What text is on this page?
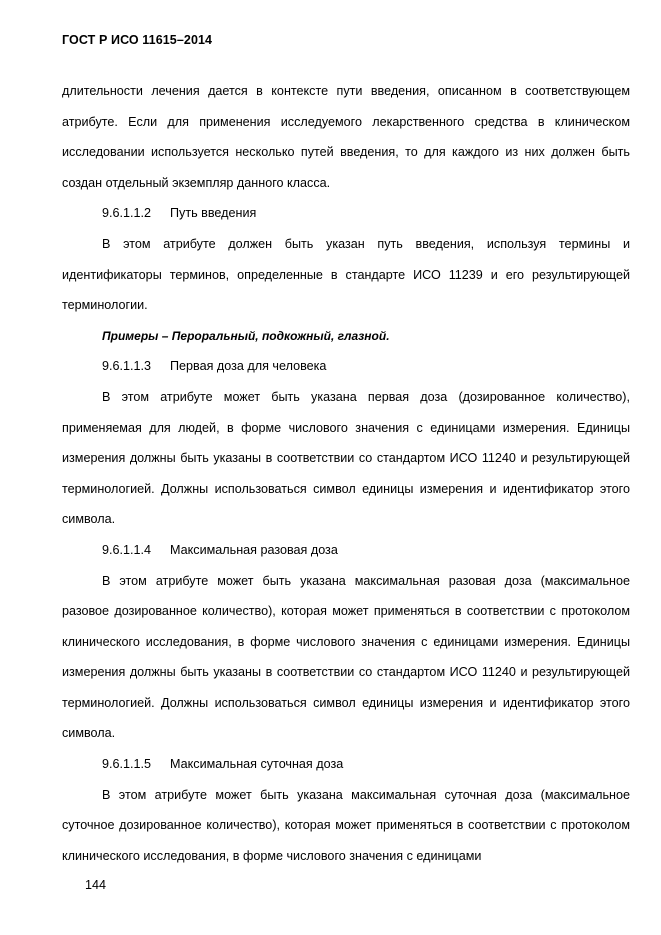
ГОСТ Р ИСО 11615–2014

длительности лечения дается в контексте пути введения, описанном в соответствующем атрибуте. Если для применения исследуемого лекарственного средства в клиническом исследовании используется несколько путей введения, то для каждого из них должен быть создан отдельный экземпляр данного класса.

9.6.1.1.2 Путь введения

В этом атрибуте должен быть указан путь введения, используя термины и идентификаторы терминов, определенные в стандарте ИСО 11239 и его результирующей терминологии.

Примеры – Пероральный, подкожный, глазной.

9.6.1.1.3 Первая доза для человека

В этом атрибуте может быть указана первая доза (дозированное количество), применяемая для людей, в форме числового значения с единицами измерения. Единицы измерения должны быть указаны в соответствии со стандартом ИСО 11240 и результирующей терминологией. Должны использоваться символ единицы измерения и идентификатор этого символа.

9.6.1.1.4 Максимальная разовая доза

В этом атрибуте может быть указана максимальная разовая доза (максимальное разовое дозированное количество), которая может применяться в соответствии с протоколом клинического исследования, в форме числового значения с единицами измерения. Единицы измерения должны быть указаны в соответствии со стандартом ИСО 11240 и результирующей терминологией. Должны использоваться символ единицы измерения и идентификатор этого символа.

9.6.1.1.5 Максимальная суточная доза

В этом атрибуте может быть указана максимальная суточная доза (максимальное суточное дозированное количество), которая может применяться в соответствии с протоколом клинического исследования, в форме числового значения с единицами

144
